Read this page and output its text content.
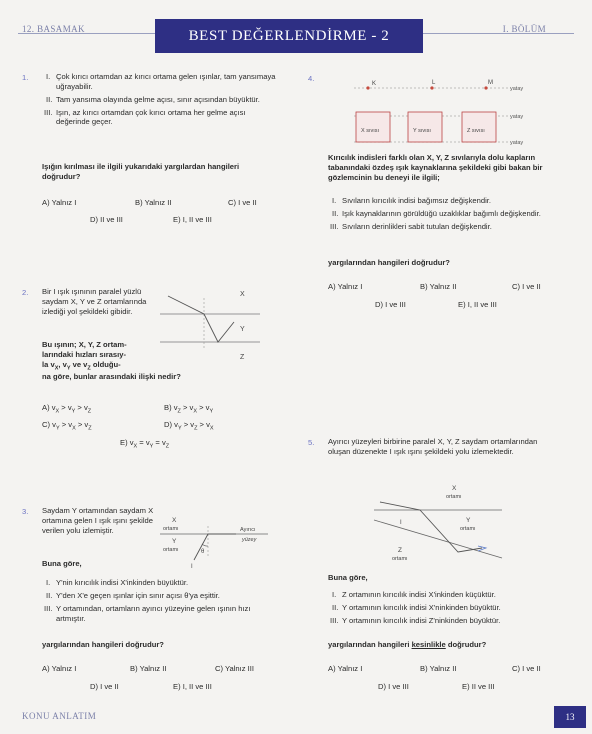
12. BASAMAK	BEST DEĞERLENDİRME - 2	I. BÖLÜM
1. I. Çok kırıcı ortamdan az kırıcı ortama gelen ışınlar, tam yansımaya uğrayabilir.
II. Tam yansıma olayında gelme açısı, sınır açısından büyüktür.
III. Işın, az kırıcı ortamdan çok kırıcı ortama her gelme açısı değerinde geçer.
Işığın kırılması ile ilgili yukarıdaki yargılardan hangileri doğrudur?
A) Yalnız I	B) Yalnız II	C) I ve II
D) II ve III	E) I, II ve III
2. Bir I ışık ışınının paralel yüzlü saydam X, Y ve Z ortamlarında izlediği yol şekildeki gibidir.
Bu ışının; X, Y, Z ortam-
larındaki hızları sırasıy-
la $v_X$, $v_Y$ ve $v_Z$ olduğu-
na göre, bunlar arasındaki ilişki nedir?
X
Y
Z
A) $v_X > v_Y > v_Z$	B) $v_Z > v_X > v_Y$
C) $v_Y > v_X > v_Z$	D) $v_Y > v_Z > v_X$
E) $v_X = v_Y = v_Z$
3. Saydam Y ortamından saydam X ortamına gelen I ışık ışını şekilde verilen yolu izlemiştir.
Buna göre,
X
ortamı
Y
ortamı	θ
I
Ayırıcı
yüzey
I. Y'nin kırıcılık indisi X'inkinden büyüktür.
II. Y'den X'e geçen ışınlar için sınır açısı θ'ya eşittir.
III. Y ortamından, ortamların ayırıcı yüzeyine gelen ışının hızı artmıştır.
yargılarından hangileri doğrudur?
A) Yalnız I	B) Yalnız II	C) Yalnız III
D) I ve II	E) I, II ve III
4.
yatay
yatay
yatay
K	L	M
X sıvısı	Y sıvısı	Z sıvısı
Kırıcılık indisleri farklı olan X, Y, Z sıvılarıyla dolu kapların tabanındaki özdeş ışık kaynaklarına şekildeki gibi bakan bir gözlemcinin bu deneyi ile ilgili;
I. Sıvıların kırıcılık indisi bağımsız değişkendir.
II. Işık kaynaklarının görüldüğü uzaklıklar bağımlı değişkendir.
III. Sıvıların derinlikleri sabit tutulan değişkendir.
yargılarından hangileri doğrudur?
A) Yalnız I	B) Yalnız II	C) I ve II
D) I ve III	E) I, II ve III
5. Ayırıcı yüzeyleri birbirine paralel X, Y, Z saydam ortamlarından oluşan düzenekte I ışık ışını şekildeki yolu izlemektedir.
X
ortamı
I	Y
ortamı
Z
ortamı
Buna göre,
I. Z ortamının kırıcılık indisi X'inkinden küçüktür.
II. Y ortamının kırıcılık indisi X'ninkinden büyüktür.
III. Y ortamının kırıcılık indisi Z'ninkinden büyüktür.
yargılarından hangileri kesinlikle doğrudur?
A) Yalnız I	B) Yalnız II	C) I ve II
D) I ve III	E) II ve III
KONU ANLATIM	13
